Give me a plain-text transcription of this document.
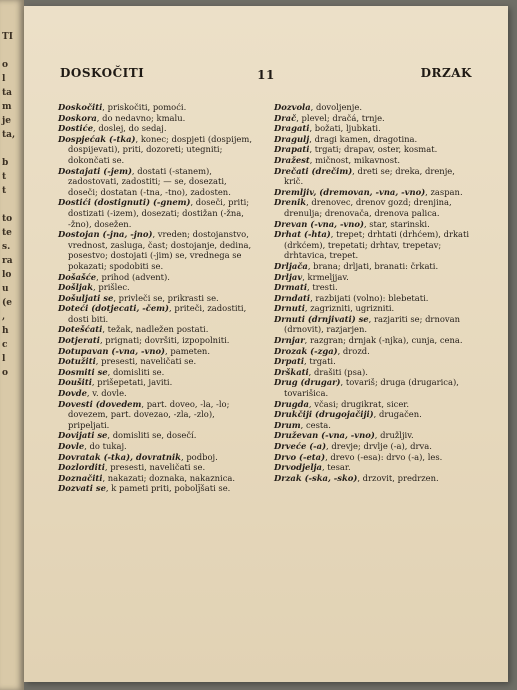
TI

o
l
ta
m
je
ta,

b
t
t

to
te
s.
ra
lo
u
(e
,
h
c
l
o
DOSKOČITI	11	DRZAK

Doskočiti, priskočiti, pomoći.

Doskora, do nedavno; kmalu.

Dostiće, doslej, do sedaj.

Dospjećak (-tka), konec; dospjeti (dospijem, dospijevati), priti, dozoreti; utegniti; dokončati se.

Dostajati (-jem), dostati (-stanem), zadostovati, zadostiti; — se, dosezati, doseči; dostatan (-tna, -tno), zadosten.

Dostići (dostignuti) (-gnem), doseči, priti; dostizati (-izem), dosezati; dostižan (-žna, -žno), dosežen.

Dostojan (-jna, -jno), vreden; dostojanstvo, vrednost, zasluga, čast; dostojanje, dedina, posestvo; dostojati (-jim) se, vrednega se pokazati; spodobiti se.

Došašće, prihod (advent).

Došljak, prišlec.

Došuljati se, privleči se, prikrasti se.

Doteći (dotjecati, -čem), priteči, zadostiti, dosti biti.

Dotešćati, težak, nadležen postati.

Dotjerati, prignati; dovršiti, izpopolniti.

Dotupavan (-vna, -vno), pameten.

Dotužiti, presesti, naveličati se.

Dosmiti se, domisliti se.

Doušiti, prišepetati, javiti.

Dovde, v. dovle.

Dovesti (dovedem, part. doveo, -la, -lo; dovezem, part. dovezao, -zla, -zlo), pripeljati.

Dovijati se, domisliti se, dosečí.

Dovle, do tukaj.

Dovratak (-tka), dovratnik, podboj.

Dozlorditi, presesti, naveličati se.

Doznačiti, nakazati; doznaka, nakaznica.

Dozvati se, k pameti priti, pobolj̄šati se.

Dozvola, dovoljenje.

Drač, plevel; dračá, trnje.

Dragati, božati, ljubkati.

Dragulj, dragi kamen, dragotina.

Drapati, trgati; drapav, oster, kosmat.

Dražest, mičnost, mikavnost.

Drečati (drečim), dreti se; dreka, drenje, krič.

Dremljiv, (dremovan, -vna, -vno), zaspan.

Drenik, drenovec, drenov gozd; drenjina, drenulja; drenovača, drenova palica.

Drevan (-vna, -vno), star, starinski.

Drhat (-hta), trepet; drhtati (drhćem), drkati (drkćem), trepetati; drhtav, trepetav; drhtavica, trepet.

Drljača, brana; drljati, branati: črkati.

Drljav, krmeljjav.

Drmati, tresti.

Drndati, razbijati (volno): blebetati.

Drnuti, zagrizniti, ugrizniti.

Drnuti (drnjivati) se, razjariti se; drnovan (drnovit), razjarjen.

Drnjar, razgran; drnjak (-njka), cunja, cena.

Drozak (-zga), drozd.

Drpati, trgati.

Drškati, drašiti (psa).

Drug (drugar), tovariš; druga (drugarica), tovarišica.

Drugda, včasi; drugikrat, sicer.

Drukčiji (drugojačiji), drugačen.

Drum, cesta.

Druževan (-vna, -vno), družljiv.

Drveće (-a), drevje; drvlje (-a), drva.

Drvo (-eta), drevo (-esa): drvo (-a), les.

Drvodjelja, tesar.

Drzak (-ska, -sko), drzovit, predrzen.
